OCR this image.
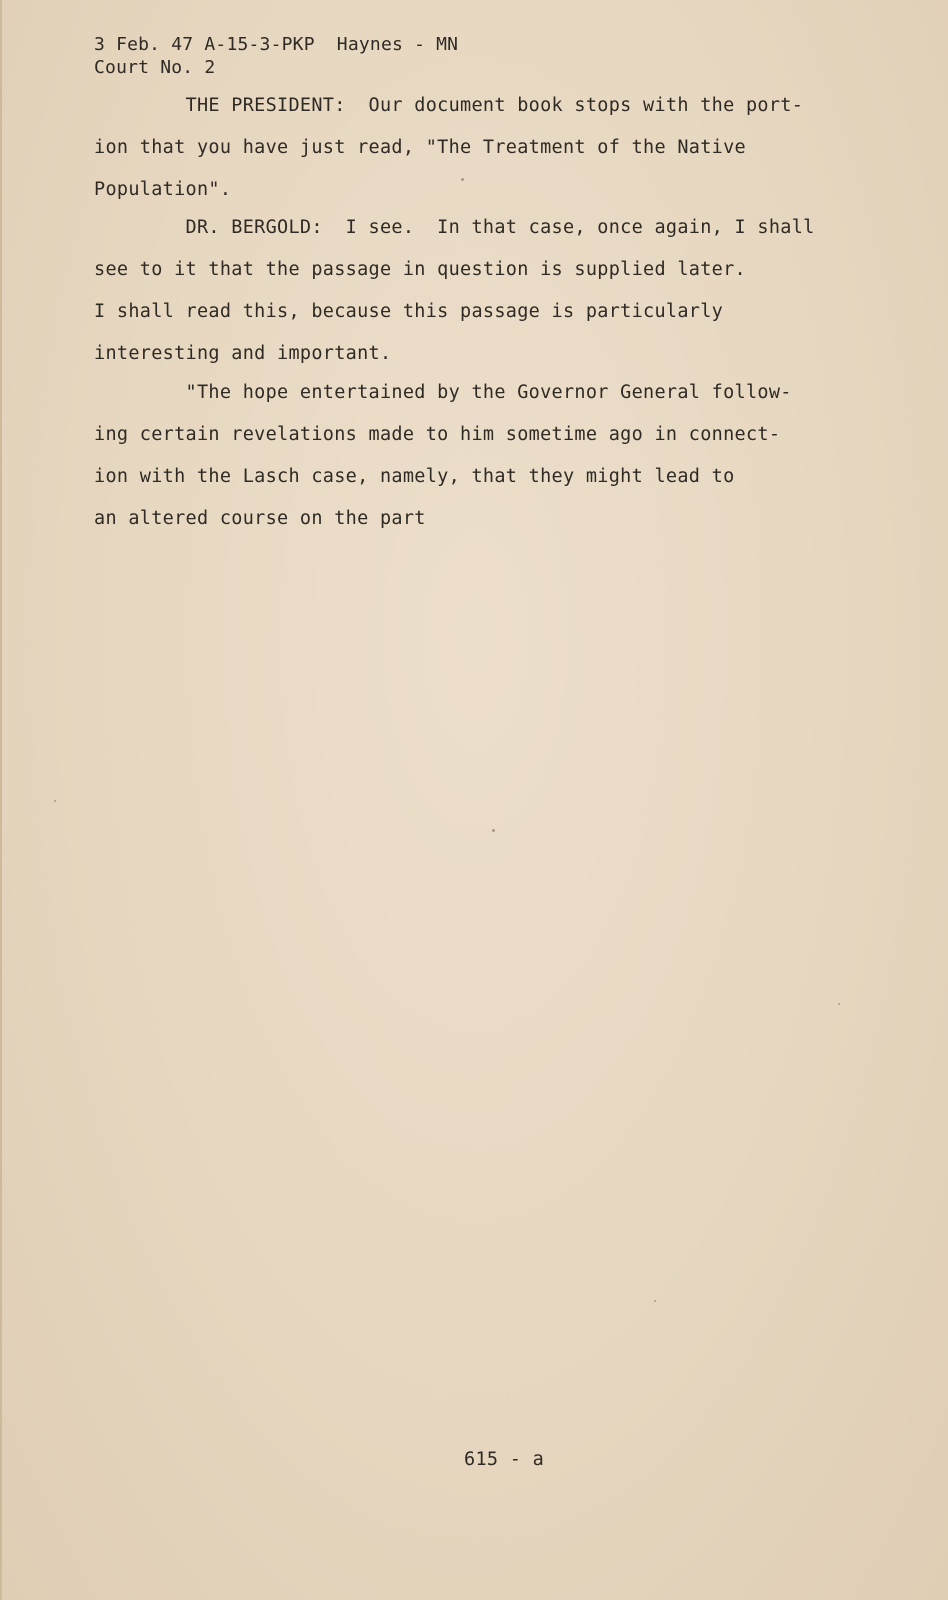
3 Feb. 47 A-15-3-PKP  Haynes - MN
Court No. 2
THE PRESIDENT:  Our document book stops with the port-
ion that you have just read, "The Treatment of the Native
Population".
DR. BERGOLD:  I see.  In that case, once again, I shall
see to it that the passage in question is supplied later.
I shall read this, because this passage is particularly
interesting and important.
"The hope entertained by the Governor General follow-
ing certain revelations made to him sometime ago in connect-
ion with the Lasch case, namely, that they might lead to
an altered course on the part
615 - a
